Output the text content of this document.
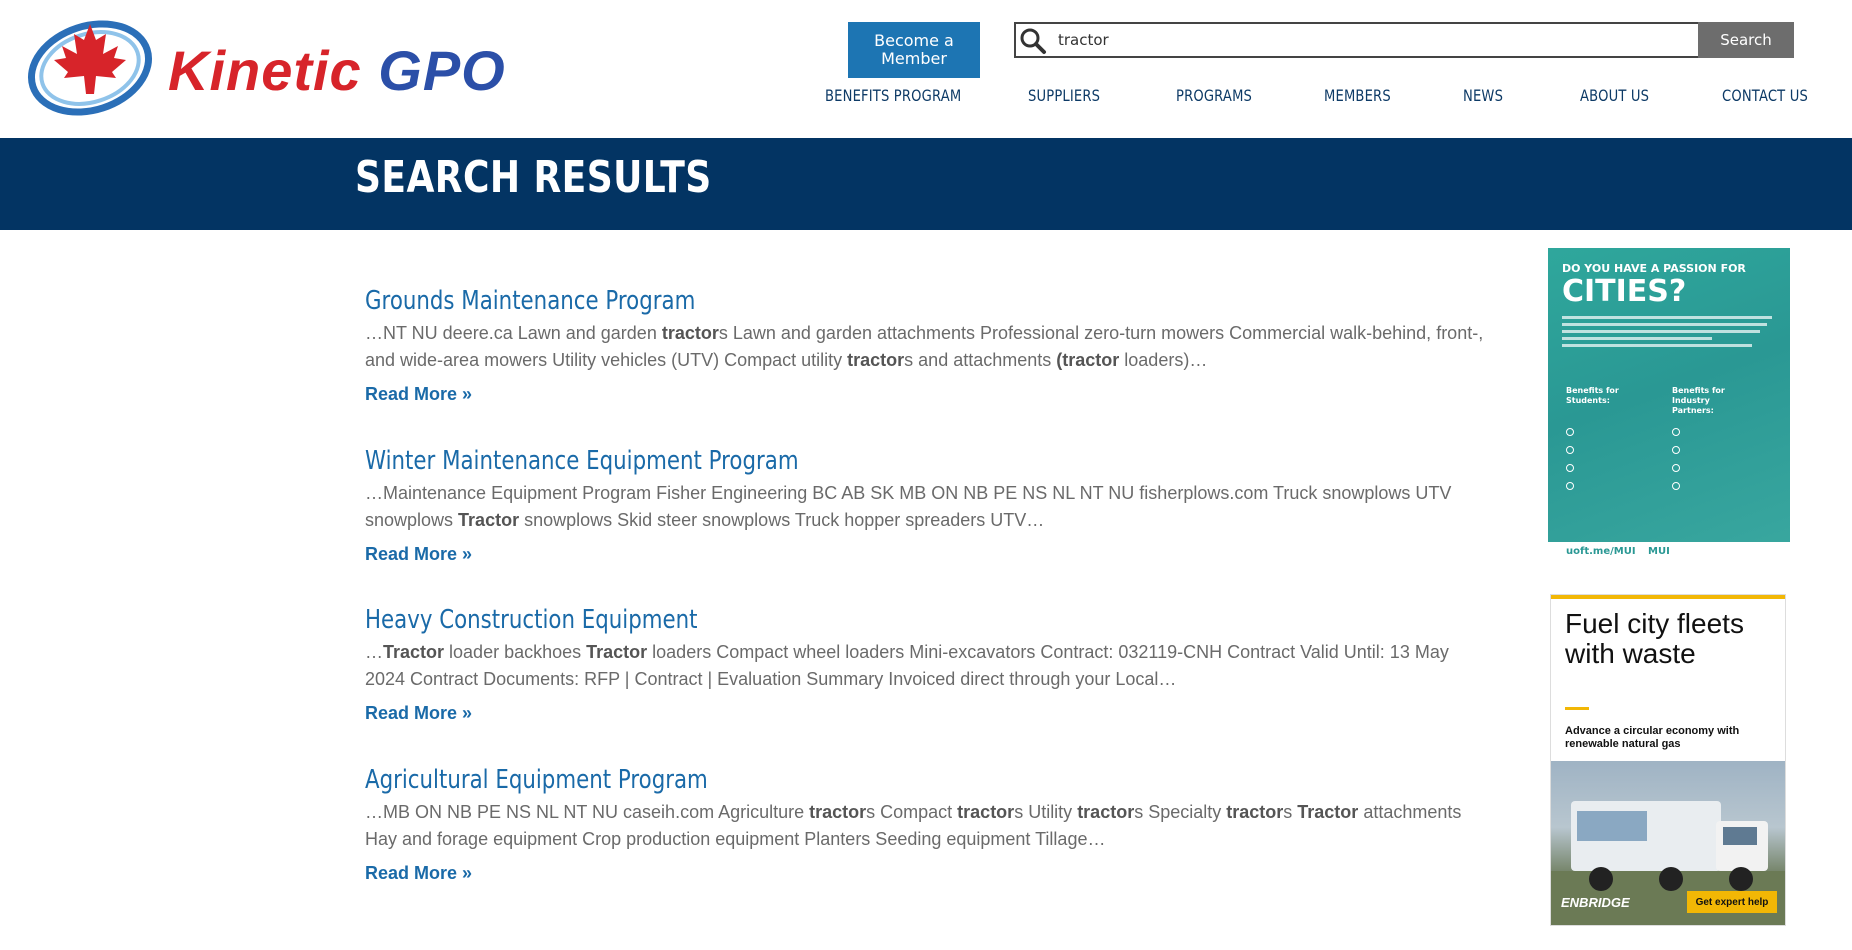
Kinetic GPO	Become a Member
tractor
Search
BENEFITS PROGRAM	SUPPLIERS	PROGRAMS	MEMBERS	NEWS	ABOUT US	CONTACT US
SEARCH RESULTS
Grounds Maintenance Program
…NT NU deere.ca Lawn and garden tractors Lawn and garden attachments Professional zero-turn mowers Commercial walk-behind, front-, and wide-area mowers Utility vehicles (UTV) Compact utility tractors and attachments (tractor loaders)…
Read More »
Winter Maintenance Equipment Program
…Maintenance Equipment Program Fisher Engineering BC AB SK MB ON NB PE NS NL NT NU fisherplows.com Truck snowplows UTV snowplows Tractor snowplows Skid steer snowplows Truck hopper spreaders UTV…
Read More »
Heavy Construction Equipment
…Tractor loader backhoes Tractor loaders Compact wheel loaders Mini-excavators Contract: 032119-CNH Contract Valid Until: 13 May 2024 Contract Documents: RFP | Contract | Evaluation Summary Invoiced direct through your Local…
Read More »
Agricultural Equipment Program
…MB ON NB PE NS NL NT NU caseih.com Agriculture tractors Compact tractors Utility tractors Specialty tractors Tractor attachments Hay and forage equipment Crop production equipment Planters Seeding equipment Tillage…
Read More »
DO YOU HAVE A PASSION FOR
CITIES?
Benefits for Students:
Benefits for Industry Partners:
uoft.me/MUI MUI
Fuel city fleets with waste
Advance a circular economy with renewable natural gas
ENBRIDGE	Get expert help
